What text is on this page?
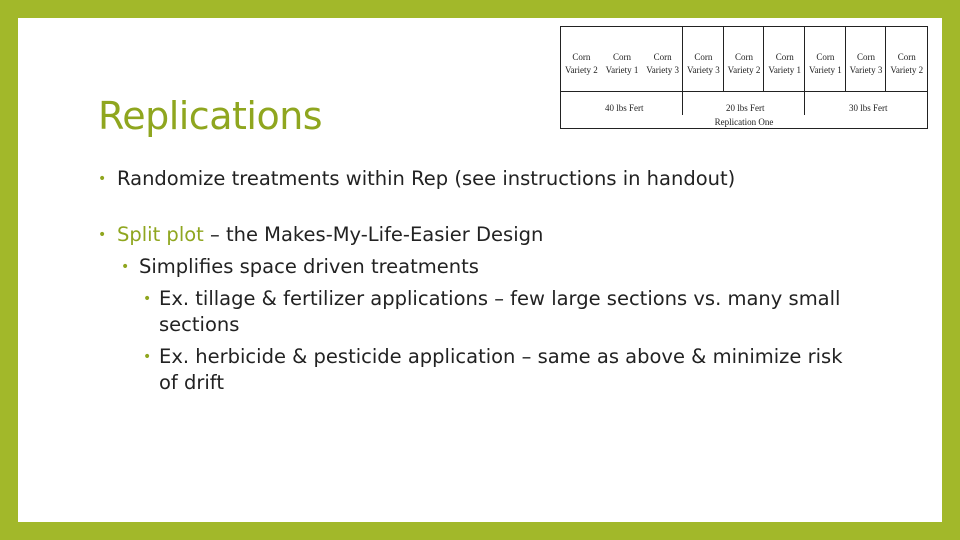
Replications
Corn
Variety 2
Corn
Variety 1
Corn
Variety 3
Corn
Variety 3
Corn
Variety 2
Corn
Variety 1
Corn
Variety 1
Corn
Variety 3
Corn
Variety 2
40 lbs Fert	20 lbs Fert	30 lbs Fert
Replication One
• Randomize treatments within Rep (see instructions in handout)
• Split plot – the Makes-My-Life-Easier Design
• Simplifies space driven treatments
• Ex. tillage & fertilizer applications – few large sections vs. many small sections
• Ex. herbicide & pesticide application – same as above & minimize risk of drift
